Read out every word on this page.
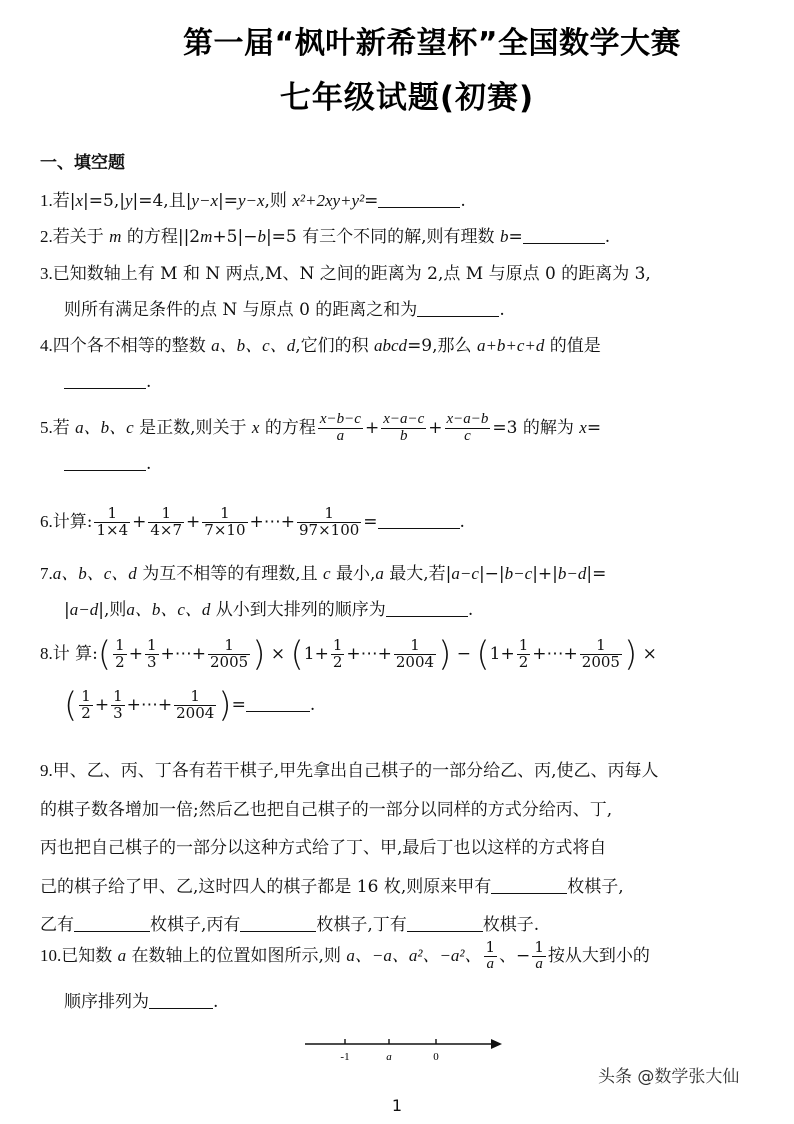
第一届“枫叶新希望杯”全国数学大赛
七年级试题(初赛)
一、填空题
1.若|x|=5,|y|=4,且|y−x|=y−x,则 x²+2xy+y²=	.
2.若关于 m 的方程||2m+5|−b|=5 有三个不同的解,则有理数 b=	.
3.已知数轴上有 M 和 N 两点,M、N 之间的距离为 2,点 M 与原点 0 的距离为 3,
则所有满足条件的点 N 与原点 0 的距离之和为	.
4.四个各不相等的整数 a、b、c、d,它们的积 abcd=9,那么 a+b+c+d 的值是
.
5.若 a、b、c 是正数,则关于 x 的方程 $\frac{x-b-c}{a} + \frac{x-a-c}{b} + \frac{x-a-b}{c} =3$ 的解为 x=
.
6.计算: $\frac{1}{1\times 4} + \frac{1}{4\times 7} + \frac{1}{7\times 10}$ +⋯+ $\frac{1}{97\times 100}$ =	.
7.a、b、c、d 为互不相等的有理数,且 c 最小,a 最大,若|a−c|−|b−c|+|b−d|=
|a−d|,则a、b、c、d 从小到大排列的顺序为	.
8.计 算:( $\frac{1}{2} + \frac{1}{3}$ +⋯+ $\frac{1}{2005}$ ) × ($1+ \frac{1}{2}$ +⋯+ $\frac{1}{2004}$ ) − ($1+ \frac{1}{2}$ +⋯+ $\frac{1}{2005}$ ) ×
( $\frac{1}{2} + \frac{1}{3}$ +⋯+ $\frac{1}{2004}$ )=	.
9.甲、乙、丙、丁各有若干棋子,甲先拿出自己棋子的一部分给乙、丙,使乙、丙每人
的棋子数各增加一倍;然后乙也把自己棋子的一部分以同样的方式分给丙、丁,
丙也把自己棋子的一部分以这种方式给了丁、甲,最后丁也以这样的方式将自
己的棋子给了甲、乙,这时四人的棋子都是 16 枚,则原来甲有	枚棋子,
乙有	枚棋子,丙有	枚棋子,丁有	枚棋子.
10.已知数 a 在数轴上的位置如图所示,则 a、−a、a²、−a²、 $\frac{1}{a}$ 、− $\frac{1}{a}$ 按从大到小的
顺序排列为	.
-1	a	0
头条 @数学张大仙
1
